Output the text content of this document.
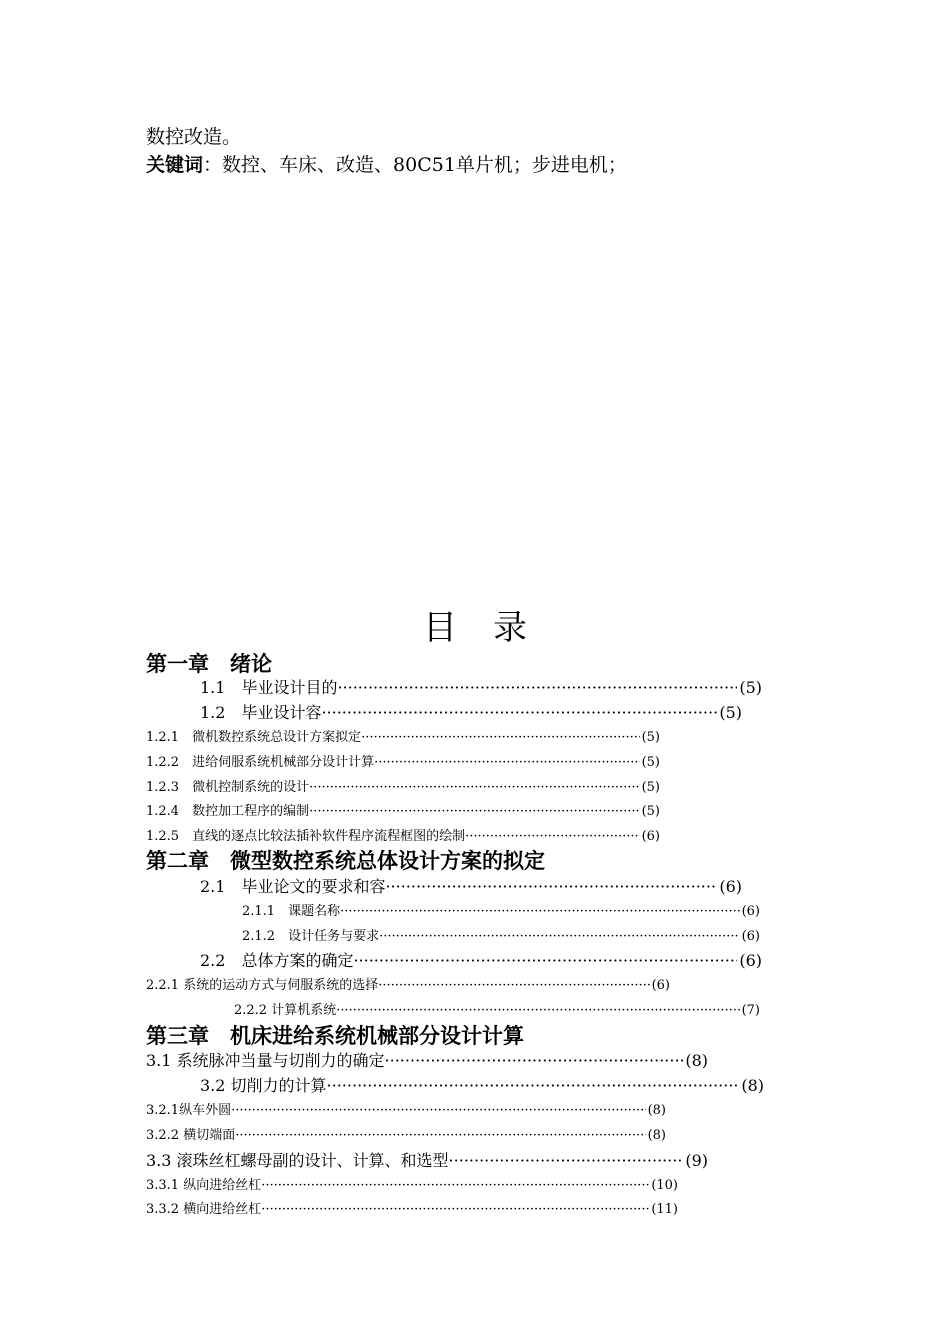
数控改造。
关键词：数控、车床、改造、80C51单片机；步进电机；
目录
第一章　绪论
1.1　毕业设计目的 ·····	(5)
1.2　毕业设计容 ·····	(5)
1.2.1　微机数控系统总设计方案拟定 ·····	(5)
1.2.2　进给伺服系统机械部分设计计算 ·····	(5)
1.2.3　微机控制系统的设计 ·····	(5)
1.2.4　数控加工程序的编制 ·····	(5)
1.2.5　直线的逐点比较法插补软件程序流程框图的绘制 ·····	(6)
第二章　微型数控系统总体设计方案的拟定
2.1　毕业论文的要求和容 ·····	(6)
2.1.1　课题名称 ·····	(6)
2.1.2　设计任务与要求 ·····	(6)
2.2　总体方案的确定 ·····	(6)
2.2.1 系统的运动方式与伺服系统的选择 ·····	(6)
2.2.2 计算机系统 ·····	(7)
第三章　机床进给系统机械部分设计计算
3.1 系统脉冲当量与切削力的确定 ·····	(8)
3.2 切削力的计算 ·····	(8)
3.2.1纵车外圆 ·····	(8)
3.2.2 横切端面 ·····	(8)
3.3 滚珠丝杠螺母副的设计、计算、和选型 ·····	(9)
3.3.1 纵向进给丝杠 ·····	(10)
3.3.2 横向进给丝杠 ·····	(11)
